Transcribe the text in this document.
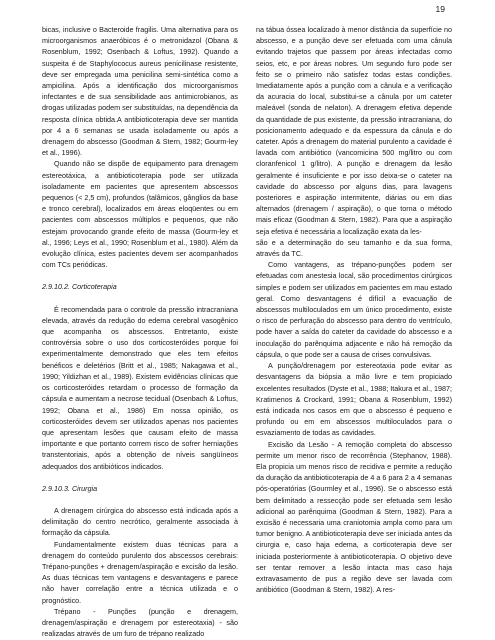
19

bicas, inclusive o Bacteroide fragilis. Uma alternativa para os microorganismos anaeróbicos é o metronidazol (Obana & Rosenblum, 1992; Osenbach & Loftus, 1992). Quando a suspeita é de Staphylococus aureus penicilinase resistente, deve ser empregada uma penicilina semi-sintética como a ampicilina. Após a identificação dos microorganismos infectantes e de sua sensibilidade aos antimicrobianos, as drogas utilizadas podem ser substituídas, na dependência da resposta clínica obtida.A antibioticoterapia deve ser mantida por 4 a 6 semanas se usada isoladamente ou após a drenagem do abscesso (Goodman & Stern, 1982; Gourm-ley et al., 1996).

Quando não se dispõe de equipamento para drenagem estereotáxica, a antibioticoterapia pode ser utilizada isoladamente em pacientes que apresentem abscessos pequenos (< 2,5 cm), profundos (talâmicos, gânglios da base e tronco cerebral), localizados em áreas eloqüentes ou em pacientes com abscessos múltiplos e pequenos, que não estejam provocando grande efeito de massa (Gourm-ley et al., 1996; Leys et al., 1990; Rosenblum et al., 1980). Além da evolução clínica, estes pacientes devem ser acompanhados com TCs periódicas.

2.9.10.2. Corticoterapia

É recomendada para o controle da pressão intracraniana elevada, através da redução do edema cerebral vasogênico que acompanha os abscessos. Entretanto, existe controvérsia sobre o uso dos corticosteróides porque foi experimentalmente demonstrado que eles tem efeitos benéficos e deletérios (Britt et al., 1985; Nakagawa et al., 1990; Yildizhan et al., 1989). Existem evidências clínicas que os corticosteróides retardam o processo de formação da cápsula e aumentam a necrose tecidual (Osenbach & Loftus, 1992; Obana et al., 1986) Em nossa opinião, os corticosteróides devem ser utilizados apenas nos pacientes que apresentam lesões que causam efeito de massa importante e que portanto correm risco de sofrer herniações transtentoriais, após a obtenção de níveis sangüíneos adequados dos antibióticos indicados.

2.9.10.3. Cirurgia

A drenagem cirúrgica do abscesso está indicada após a delimitação do centro necrótico, geralmente associada à formação da cápsula.

Fundamentalmente existem duas técnicas para a drenagem do conteúdo purulento dos abscessos cerebrais: Trépano-punções + drenagem/aspiração e excisão da lesão. As duas técnicas tem vantagens e desvantagens e parece não haver correlação entre a técnica utilizada e o prognóstico.

Trépano - Punções (punção e drenagem, drenagem/aspiração e drenagem por estereotaxia) - são realizadas através de um furo de trépano realizado

na tábua óssea localizado à menor distância da superfície no abscesso, e a punção deve ser efetuada com uma cânula evitando trajetos que passem por áreas infectadas como seios, etc, e por áreas nobres. Um segundo furo pode ser feito se o primeiro não satisfez todas estas condições. Imediatamente após a punção com a cânula e a verificação da acuracia do local, substitui-se a cânula por um cateter maleável (sonda de nelaton). A drenagem efetiva depende da quantidade de pus existente, da pressão intracraniana, do posicionamento adequado e da espessura da cânula e do cateter. Após a drenagem do material purulento a cavidade é lavada com antibiótico (vancomicina 500 mg/litro ou com cloranfenicol 1 g/litro). A punção e drenagem da lesão geralmente é insuficiente e por isso deixa-se o cateter na cavidade do abscesso por alguns dias, para lavagens posteriores e aspiração intermitente, diárias ou em dias alternados (drenagem / aspiração), o que torna o método mais eficaz (Goodman & Stern, 1982). Para que a aspiração seja efetiva é necessária a localização exata da les-

são e a determinação do seu tamanho e da sua forma, através da TC.

Como vantagens, as trépano-punções podem ser efetuadas com anestesia local, são procedimentos cirúrgicos simples e podem ser utilizados em pacientes em mau estado geral. Como desvantagens é difícil a evacuação de abscessos multiloculados em um único procedimento, existe o risco de perfuração do abscesso para dentro do ventrículo, pode haver a saída do cateter da cavidade do abscesso e a inoculação do parênquima adjacente e não há remoção da cápsula, o que pode ser a causa de crises convulsivas.

A punção/drenagem por estereotaxia pode evitar as desvantagens da biópsia a mão livre e tem propiciado excelentes resultados (Dyste et al., 1988; Itakura et al., 1987; Kratimenos & Crockard, 1991; Obana & Rosenblum, 1992) está indicada nos casos em que o abscesso é pequeno e profundo ou em em abscessos multiloculados para o esvaziamento de todas as cavidades.

Excisão da Lesão - A remoção completa do abscesso permite um menor risco de recorrência (Stephanov, 1988). Ela propicia um menos risco de recidiva e permite a redução da duração da antibioticoterapia de 4 a 6 para 2 a 4 semanas pós-operatórias (Gourmley et al., 1996). Se o abscesso está bem delimitado a ressecção pode ser efetuada sem lesão adicional ao parênquima (Goodman & Stern, 1982). Para a excisão é necessaria uma craniotomia ampla como para um tumor benigno. A antibioticoterapia deve ser iniciada antes da cirurgia e, caso haja edema, a corticoterapia deve ser iniciada posteriormente à antibioticoterapia. O objetivo deve ser tentar remover a lesão intacta mas caso haja extravasamento de pus a região deve ser lavada com antibiótico (Goodman & Stern, 1982). A res-
